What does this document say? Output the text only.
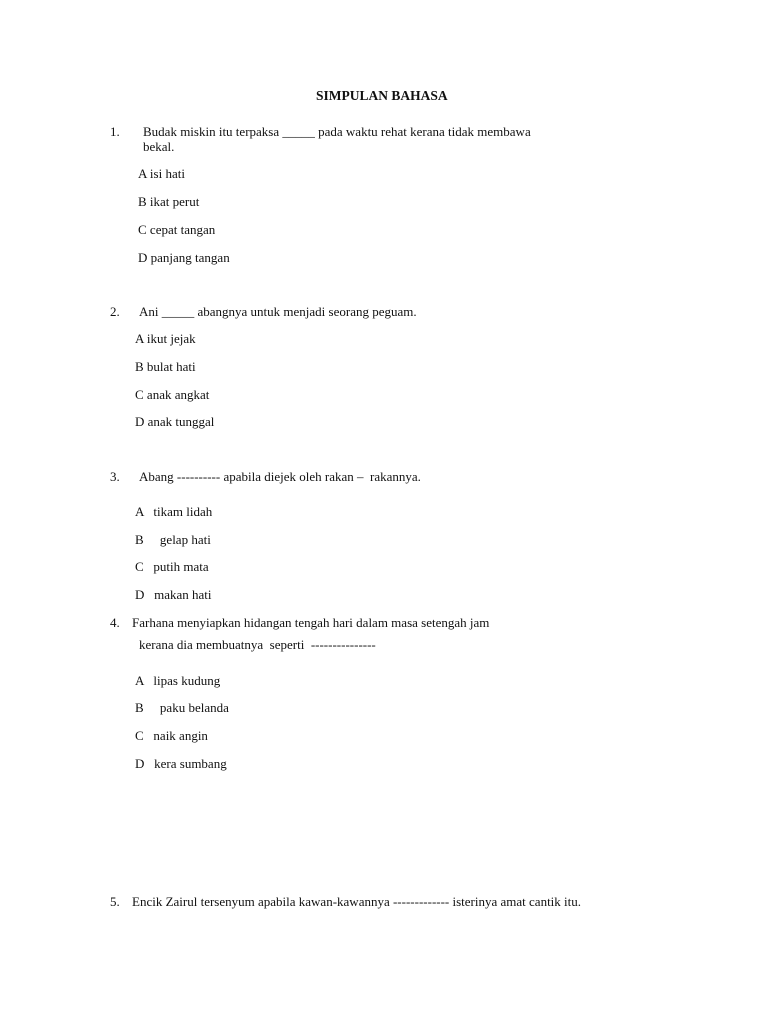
SIMPULAN BAHASA
1. Budak miskin itu terpaksa _____ pada waktu rehat kerana tidak membawa
bekal.
A isi hati
B ikat perut
C cepat tangan
D panjang tangan
2. Ani _____ abangnya untuk menjadi seorang peguam.
A ikut jejak
B bulat hati
C anak angkat
D anak tunggal
3. Abang ---------- apabila diejek oleh rakan –  rakannya.
A   tikam lidah
B     gelap hati
C   putih mata
D   makan hati
4. Farhana menyiapkan hidangan tengah hari dalam masa setengah jam
kerana dia membuatnya  seperti  ---------------
A   lipas kudung
B     paku belanda
C   naik angin
D   kera sumbang
5. Encik Zairul tersenyum apabila kawan-kawannya ------------- isterinya amat cantik itu.
